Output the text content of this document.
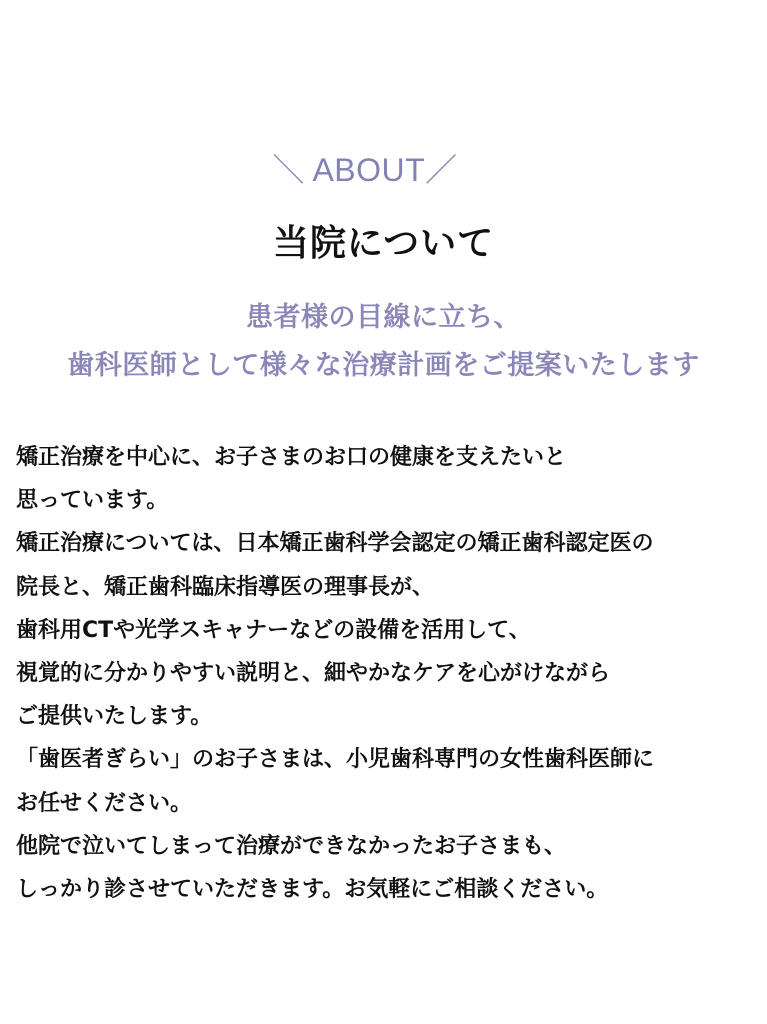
＼ ABOUT／
当院について
患者様の目線に立ち、
歯科医師として様々な治療計画をご提案いたします
矯正治療を中心に、お子さまのお口の健康を支えたいと
思っています。
矯正治療については、日本矯正歯科学会認定の矯正歯科認定医の
院長と、矯正歯科臨床指導医の理事長が、
歯科用CTや光学スキャナーなどの設備を活用して、
視覚的に分かりやすい説明と、細やかなケアを心がけながら
ご提供いたします。
「歯医者ぎらい」のお子さまは、小児歯科専門の女性歯科医師に
お任せください。
他院で泣いてしまって治療ができなかったお子さまも、
しっかり診させていただきます。お気軽にご相談ください。
